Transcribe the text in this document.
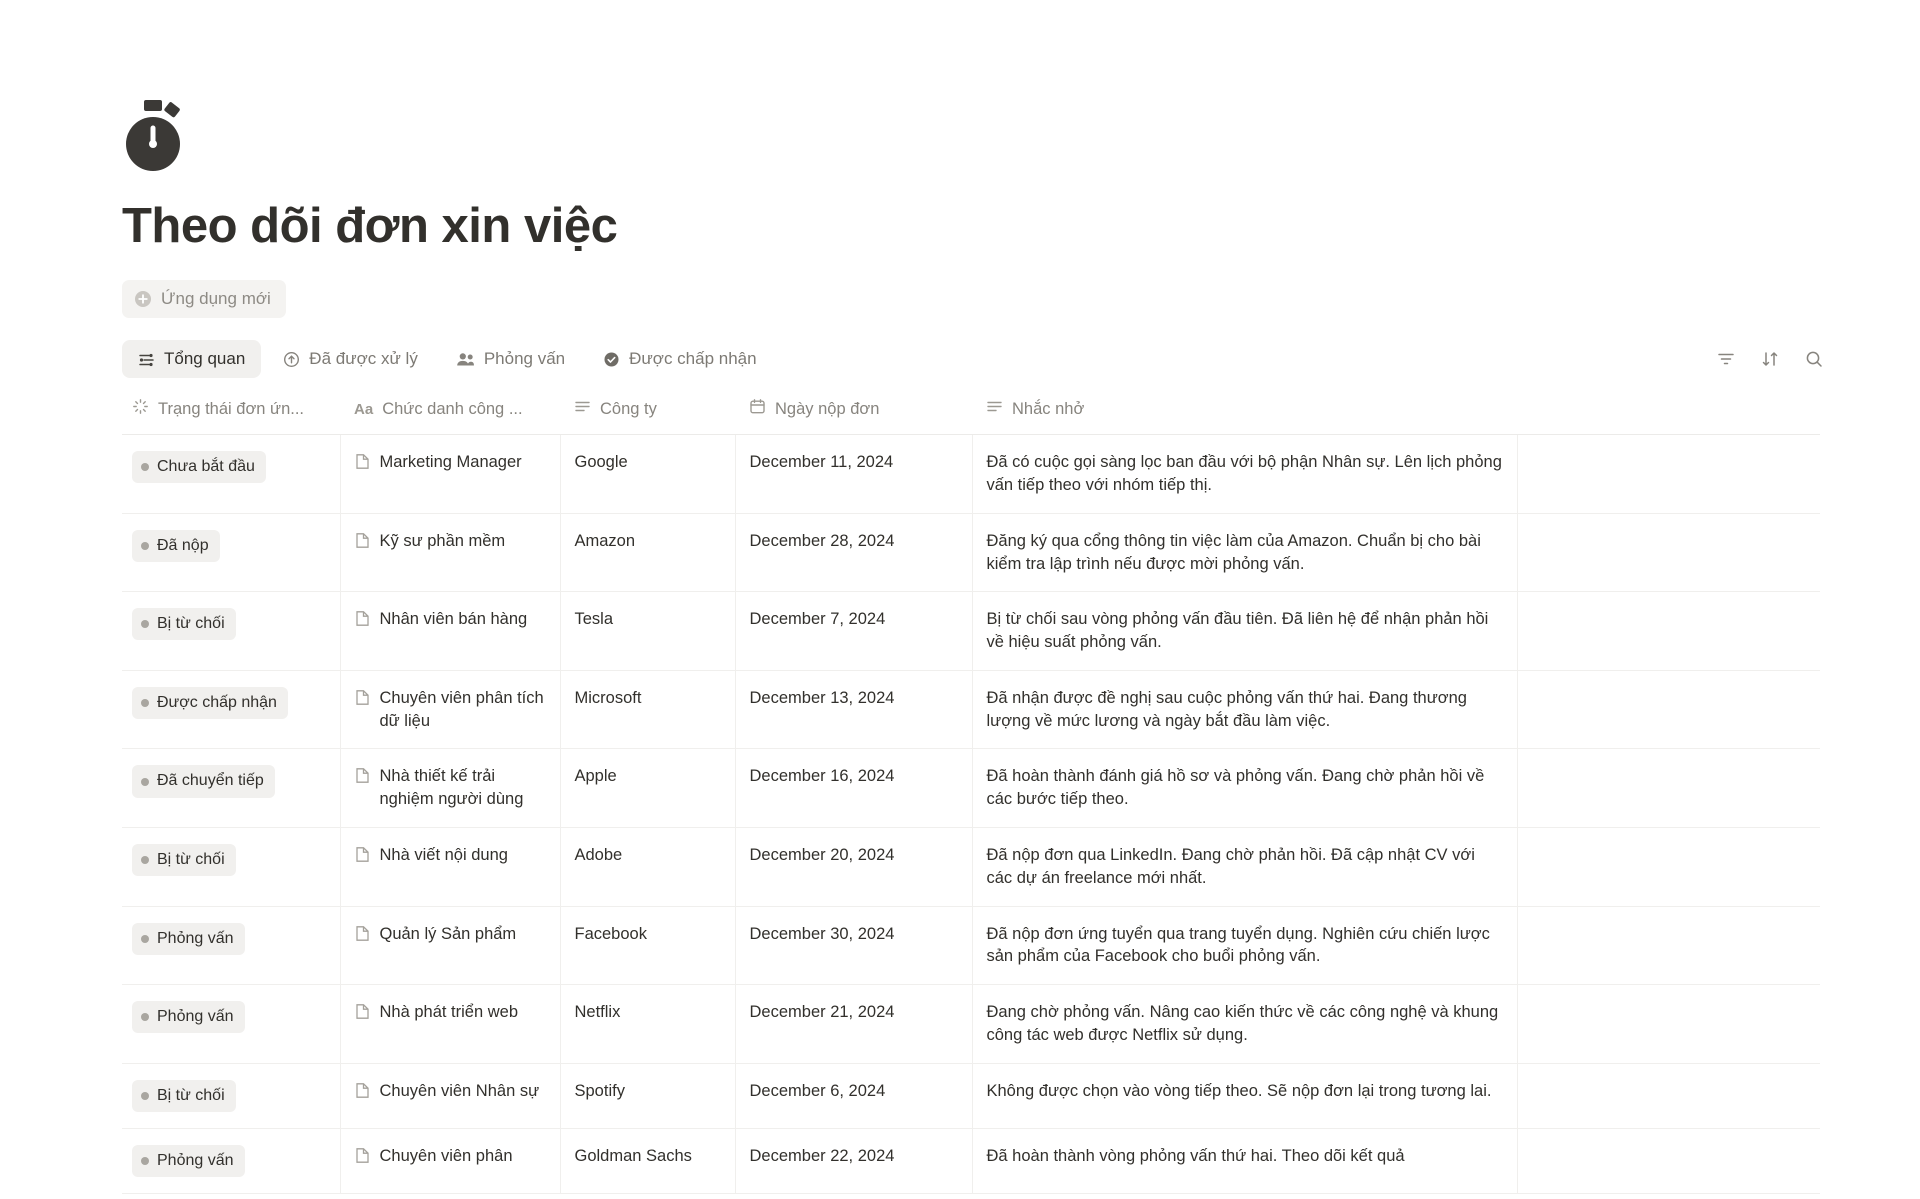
Theo dõi đơn xin việc
Ứng dụng mới
Tổng quan	Đã được xử lý	Phỏng vấn	Được chấp nhận
Trạng thái đơn ứn...	Aa Chức danh công ...	Công ty	Ngày nộp đơn	Nhắc nhở	

Chưa bắt đầu	Marketing Manager	Google	December 11, 2024	Đã có cuộc gọi sàng lọc ban đầu với bộ phận Nhân sự. Lên lịch phỏng vấn tiếp theo với nhóm tiếp thị.	

Đã nộp	Kỹ sư phần mềm	Amazon	December 28, 2024	Đăng ký qua cổng thông tin việc làm của Amazon. Chuẩn bị cho bài kiểm tra lập trình nếu được mời phỏng vấn.	

Bị từ chối	Nhân viên bán hàng	Tesla	December 7, 2024	Bị từ chối sau vòng phỏng vấn đầu tiên. Đã liên hệ để nhận phản hồi về hiệu suất phỏng vấn.	

Được chấp nhận	Chuyên viên phân tích dữ liệu	Microsoft	December 13, 2024	Đã nhận được đề nghị sau cuộc phỏng vấn thứ hai. Đang thương lượng về mức lương và ngày bắt đầu làm việc.	

Đã chuyển tiếp	Nhà thiết kế trải nghiệm người dùng	Apple	December 16, 2024	Đã hoàn thành đánh giá hồ sơ và phỏng vấn. Đang chờ phản hồi về các bước tiếp theo.	

Bị từ chối	Nhà viết nội dung	Adobe	December 20, 2024	Đã nộp đơn qua LinkedIn. Đang chờ phản hồi. Đã cập nhật CV với các dự án freelance mới nhất.	

Phỏng vấn	Quản lý Sản phẩm	Facebook	December 30, 2024	Đã nộp đơn ứng tuyển qua trang tuyển dụng. Nghiên cứu chiến lược sản phẩm của Facebook cho buổi phỏng vấn.	

Phỏng vấn	Nhà phát triển web	Netflix	December 21, 2024	Đang chờ phỏng vấn. Nâng cao kiến thức về các công nghệ và khung công tác web được Netflix sử dụng.	

Bị từ chối	Chuyên viên Nhân sự	Spotify	December 6, 2024	Không được chọn vào vòng tiếp theo. Sẽ nộp đơn lại trong tương lai.	

Phỏng vấn	Chuyên viên phân	Goldman Sachs	December 22, 2024	Đã hoàn thành vòng phỏng vấn thứ hai. Theo dõi kết quả	
